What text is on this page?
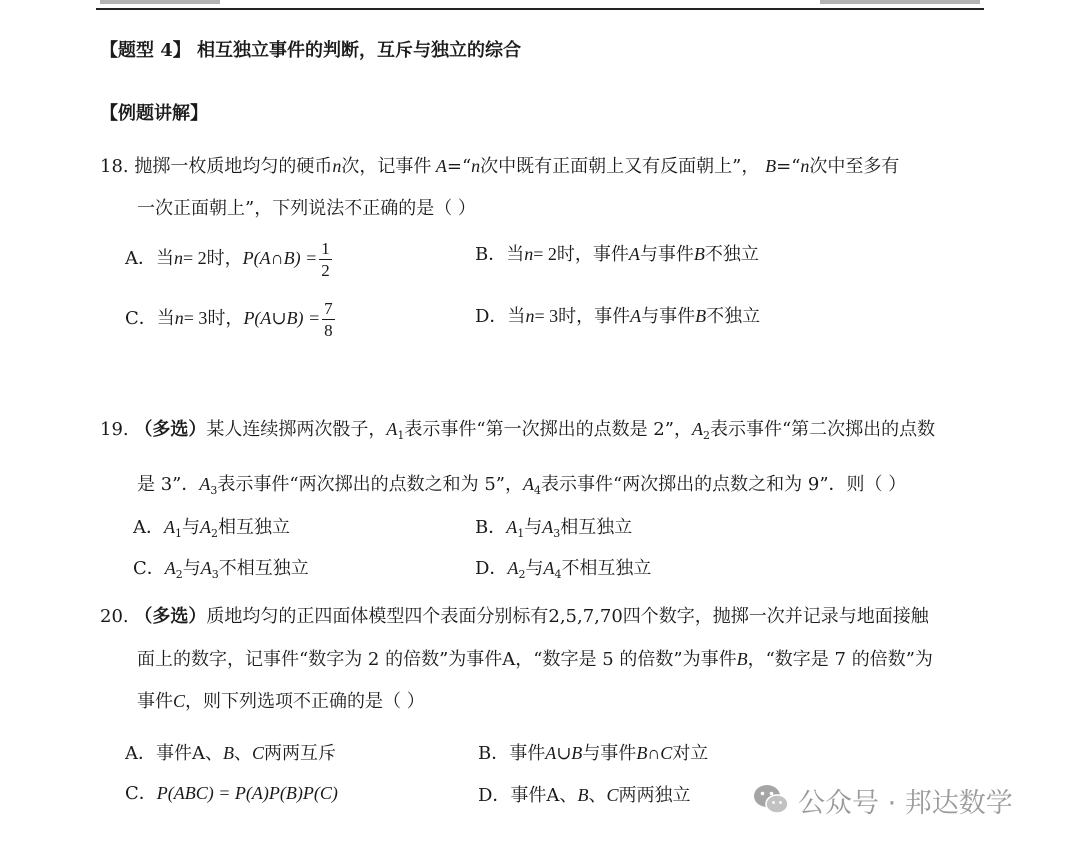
【题型 4】 相互独立事件的判断，互斥与独立的综合
【例题讲解】
18. 抛掷一枚质地均匀的硬币n次，记事件 A=“n次中既有正面朝上又有反面朝上”， B=“n次中至多有
一次正面朝上”，下列说法不正确的是（ ）
A．当n= 2时，P(A∩B) = $\frac{1}{2}$	B．当n= 2时，事件A与事件B不独立
C．当n= 3时，P(A∪B) = $\frac{7}{8}$	D．当n= 3时，事件A与事件B不独立
19. （多选）某人连续掷两次骰子，$A_1$表示事件“第一次掷出的点数是 2”，$A_2$表示事件“第二次掷出的点数
是 3”．$A_3$表示事件“两次掷出的点数之和为 5”，$A_4$表示事件“两次掷出的点数之和为 9”．则（ ）
A．$A_1$与$A_2$相互独立	B．$A_1$与$A_3$相互独立
C．$A_2$与$A_3$不相互独立	D．$A_2$与$A_4$不相互独立
20. （多选）质地均匀的正四面体模型四个表面分别标有2,5,7,70四个数字，抛掷一次并记录与地面接触
面上的数字，记事件“数字为 2 的倍数”为事件A，“数字是 5 的倍数”为事件B，“数字是 7 的倍数”为
事件C，则下列选项不正确的是（ ）
A．事件A、B、C两两互斥	B．事件A∪B与事件B∩C对立
C．P(ABC) = P(A)P(B)P(C)	D．事件A、B、C两两独立	公众号 · 邦达数学
